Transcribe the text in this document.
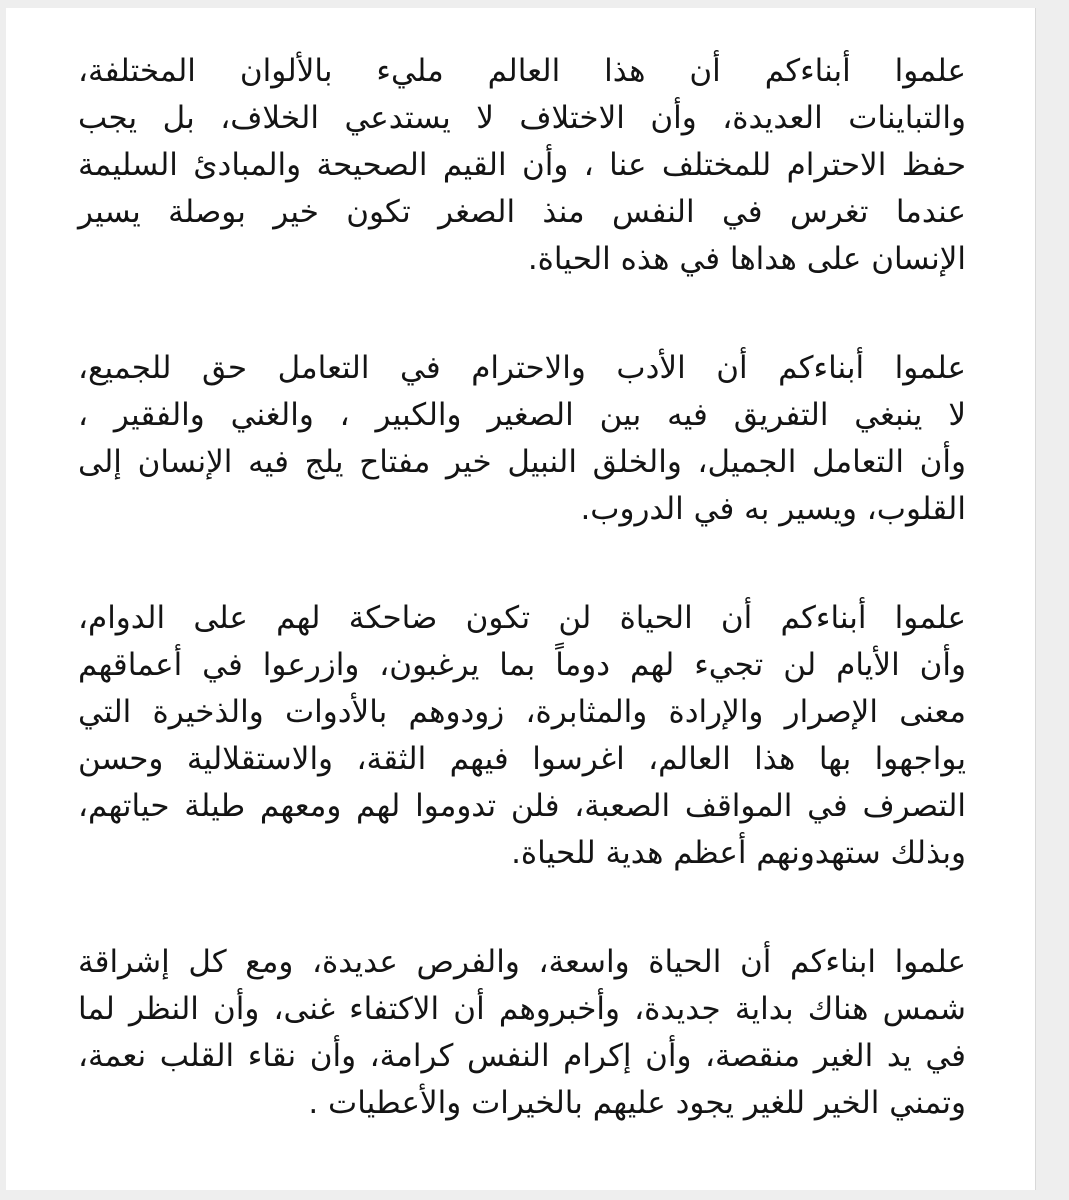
علموا أبناءكم أن هذا العالم مليء بالألوان المختلفة،
والتباينات العديدة، وأن الاختلاف لا يستدعي الخلاف، بل يجب
حفظ الاحترام للمختلف عنا ، وأن القيم الصحيحة والمبادئ السليمة
عندما تغرس في النفس منذ الصغر تكون خير بوصلة يسير
الإنسان على هداها في هذه الحياة.
علموا أبناءكم أن الأدب والاحترام في التعامل حق للجميع،
لا ينبغي التفريق فيه بين الصغير والكبير ، والغني والفقير ،
وأن التعامل الجميل، والخلق النبيل خير مفتاح يلج فيه الإنسان إلى
القلوب، ويسير به في الدروب.
علموا أبناءكم أن الحياة لن تكون ضاحكة لهم على الدوام،
وأن الأيام لن تجيء لهم دوماً بما يرغبون، وازرعوا في أعماقهم
معنى الإصرار والإرادة والمثابرة، زودوهم بالأدوات والذخيرة التي
يواجهوا بها هذا العالم، اغرسوا فيهم الثقة، والاستقلالية وحسن
التصرف في المواقف الصعبة، فلن تدوموا لهم ومعهم طيلة حياتهم،
وبذلك ستهدونهم أعظم هدية للحياة.
علموا ابناءكم أن الحياة واسعة، والفرص عديدة، ومع كل إشراقة
شمس هناك بداية جديدة، وأخبروهم أن الاكتفاء غنى، وأن النظر لما
في يد الغير منقصة، وأن إكرام النفس كرامة، وأن نقاء القلب نعمة،
وتمني الخير للغير يجود عليهم بالخيرات والأعطيات .
